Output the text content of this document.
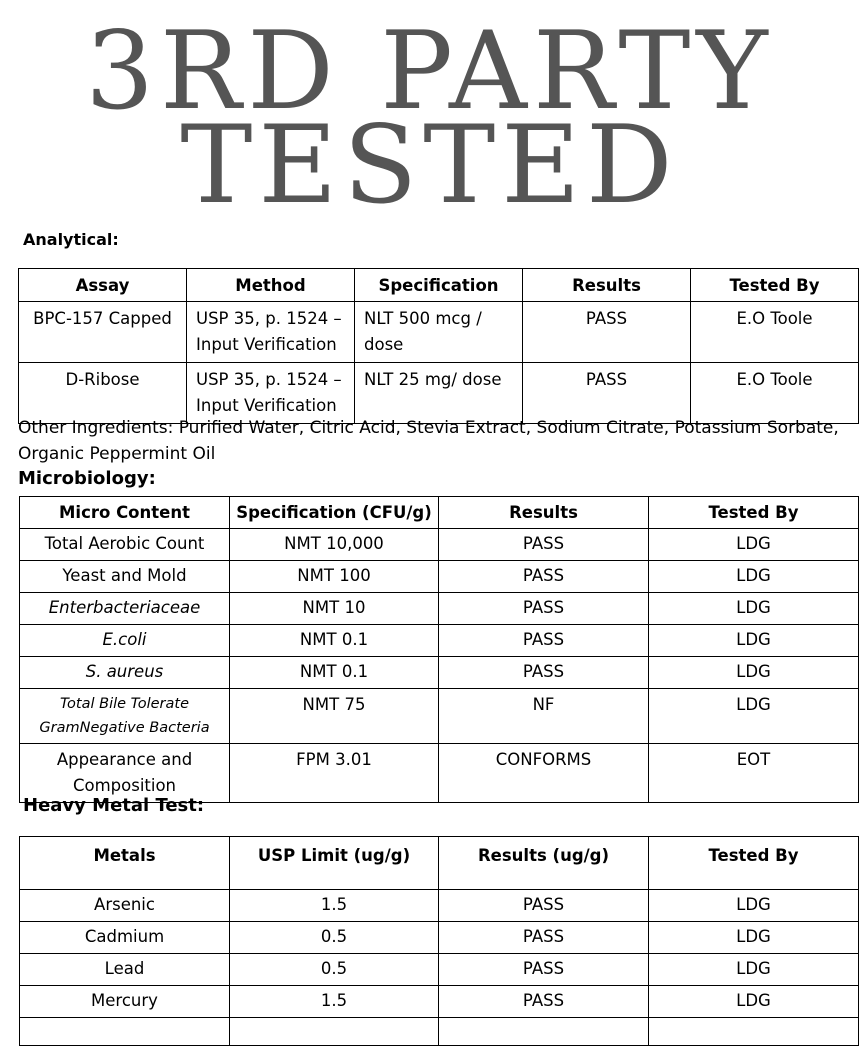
3RD PARTY
TESTED
Analytical:
Assay	Method	Specification	Results	Tested By
BPC-157 Capped	USP 35, p. 1524 – Input Verification	NLT 500 mcg / dose	PASS	E.O Toole
D-Ribose	USP 35, p. 1524 – Input Verification	NLT 25 mg/ dose	PASS	E.O Toole
Other Ingredients: Purified Water, Citric Acid, Stevia Extract, Sodium Citrate, Potassium Sorbate, Organic Peppermint Oil
Microbiology:
Micro Content	Specification (CFU/g)	Results	Tested By
Total Aerobic Count	NMT 10,000	PASS	LDG
Yeast and Mold	NMT 100	PASS	LDG
Enterbacteriaceae	NMT 10	PASS	LDG
E.coli	NMT 0.1	PASS	LDG
S. aureus	NMT 0.1	PASS	LDG
Total Bile Tolerate GramNegative Bacteria	NMT 75	NF	LDG
Appearance and Composition	FPM 3.01	CONFORMS	EOT
Heavy Metal Test:
Metals	USP Limit (ug/g)	Results (ug/g)	Tested By
Arsenic	1.5	PASS	LDG
Cadmium	0.5	PASS	LDG
Lead	0.5	PASS	LDG
Mercury	1.5	PASS	LDG
